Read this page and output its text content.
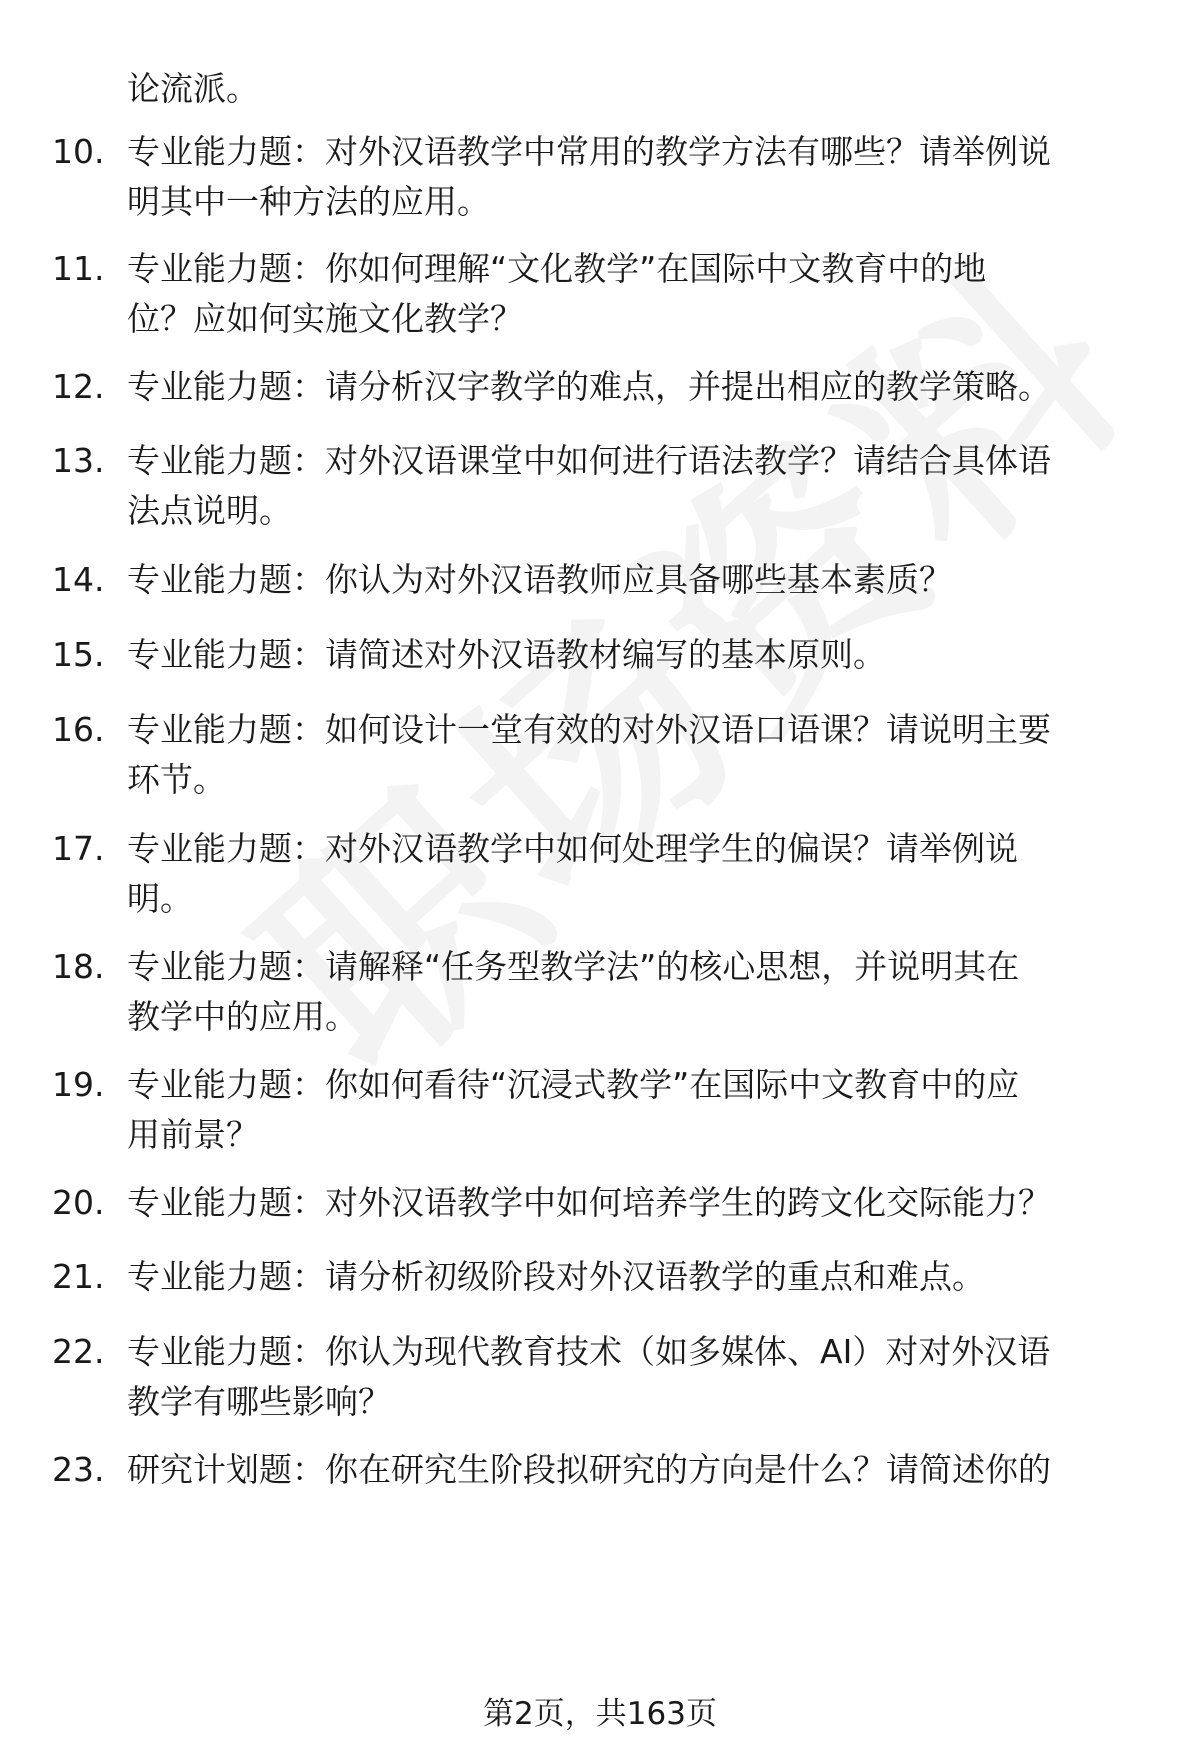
论流派。
10. 专业能力题：对外汉语教学中常用的教学方法有哪些？请举例说
明其中一种方法的应用。
11. 专业能力题：你如何理解“文化教学”在国际中文教育中的地
位？应如何实施文化教学？
12. 专业能力题：请分析汉字教学的难点，并提出相应的教学策略。
13. 专业能力题：对外汉语课堂中如何进行语法教学？请结合具体语
法点说明。
14. 专业能力题：你认为对外汉语教师应具备哪些基本素质？
15. 专业能力题：请简述对外汉语教材编写的基本原则。
16. 专业能力题：如何设计一堂有效的对外汉语口语课？请说明主要
环节。
17. 专业能力题：对外汉语教学中如何处理学生的偏误？请举例说
明。
18. 专业能力题：请解释“任务型教学法”的核心思想，并说明其在
教学中的应用。
19. 专业能力题：你如何看待“沉浸式教学”在国际中文教育中的应
用前景？
20. 专业能力题：对外汉语教学中如何培养学生的跨文化交际能力？
21. 专业能力题：请分析初级阶段对外汉语教学的重点和难点。
22. 专业能力题：你认为现代教育技术（如多媒体、AI）对对外汉语
教学有哪些影响？
23. 研究计划题：你在研究生阶段拟研究的方向是什么？请简述你的
第2页，共163页
